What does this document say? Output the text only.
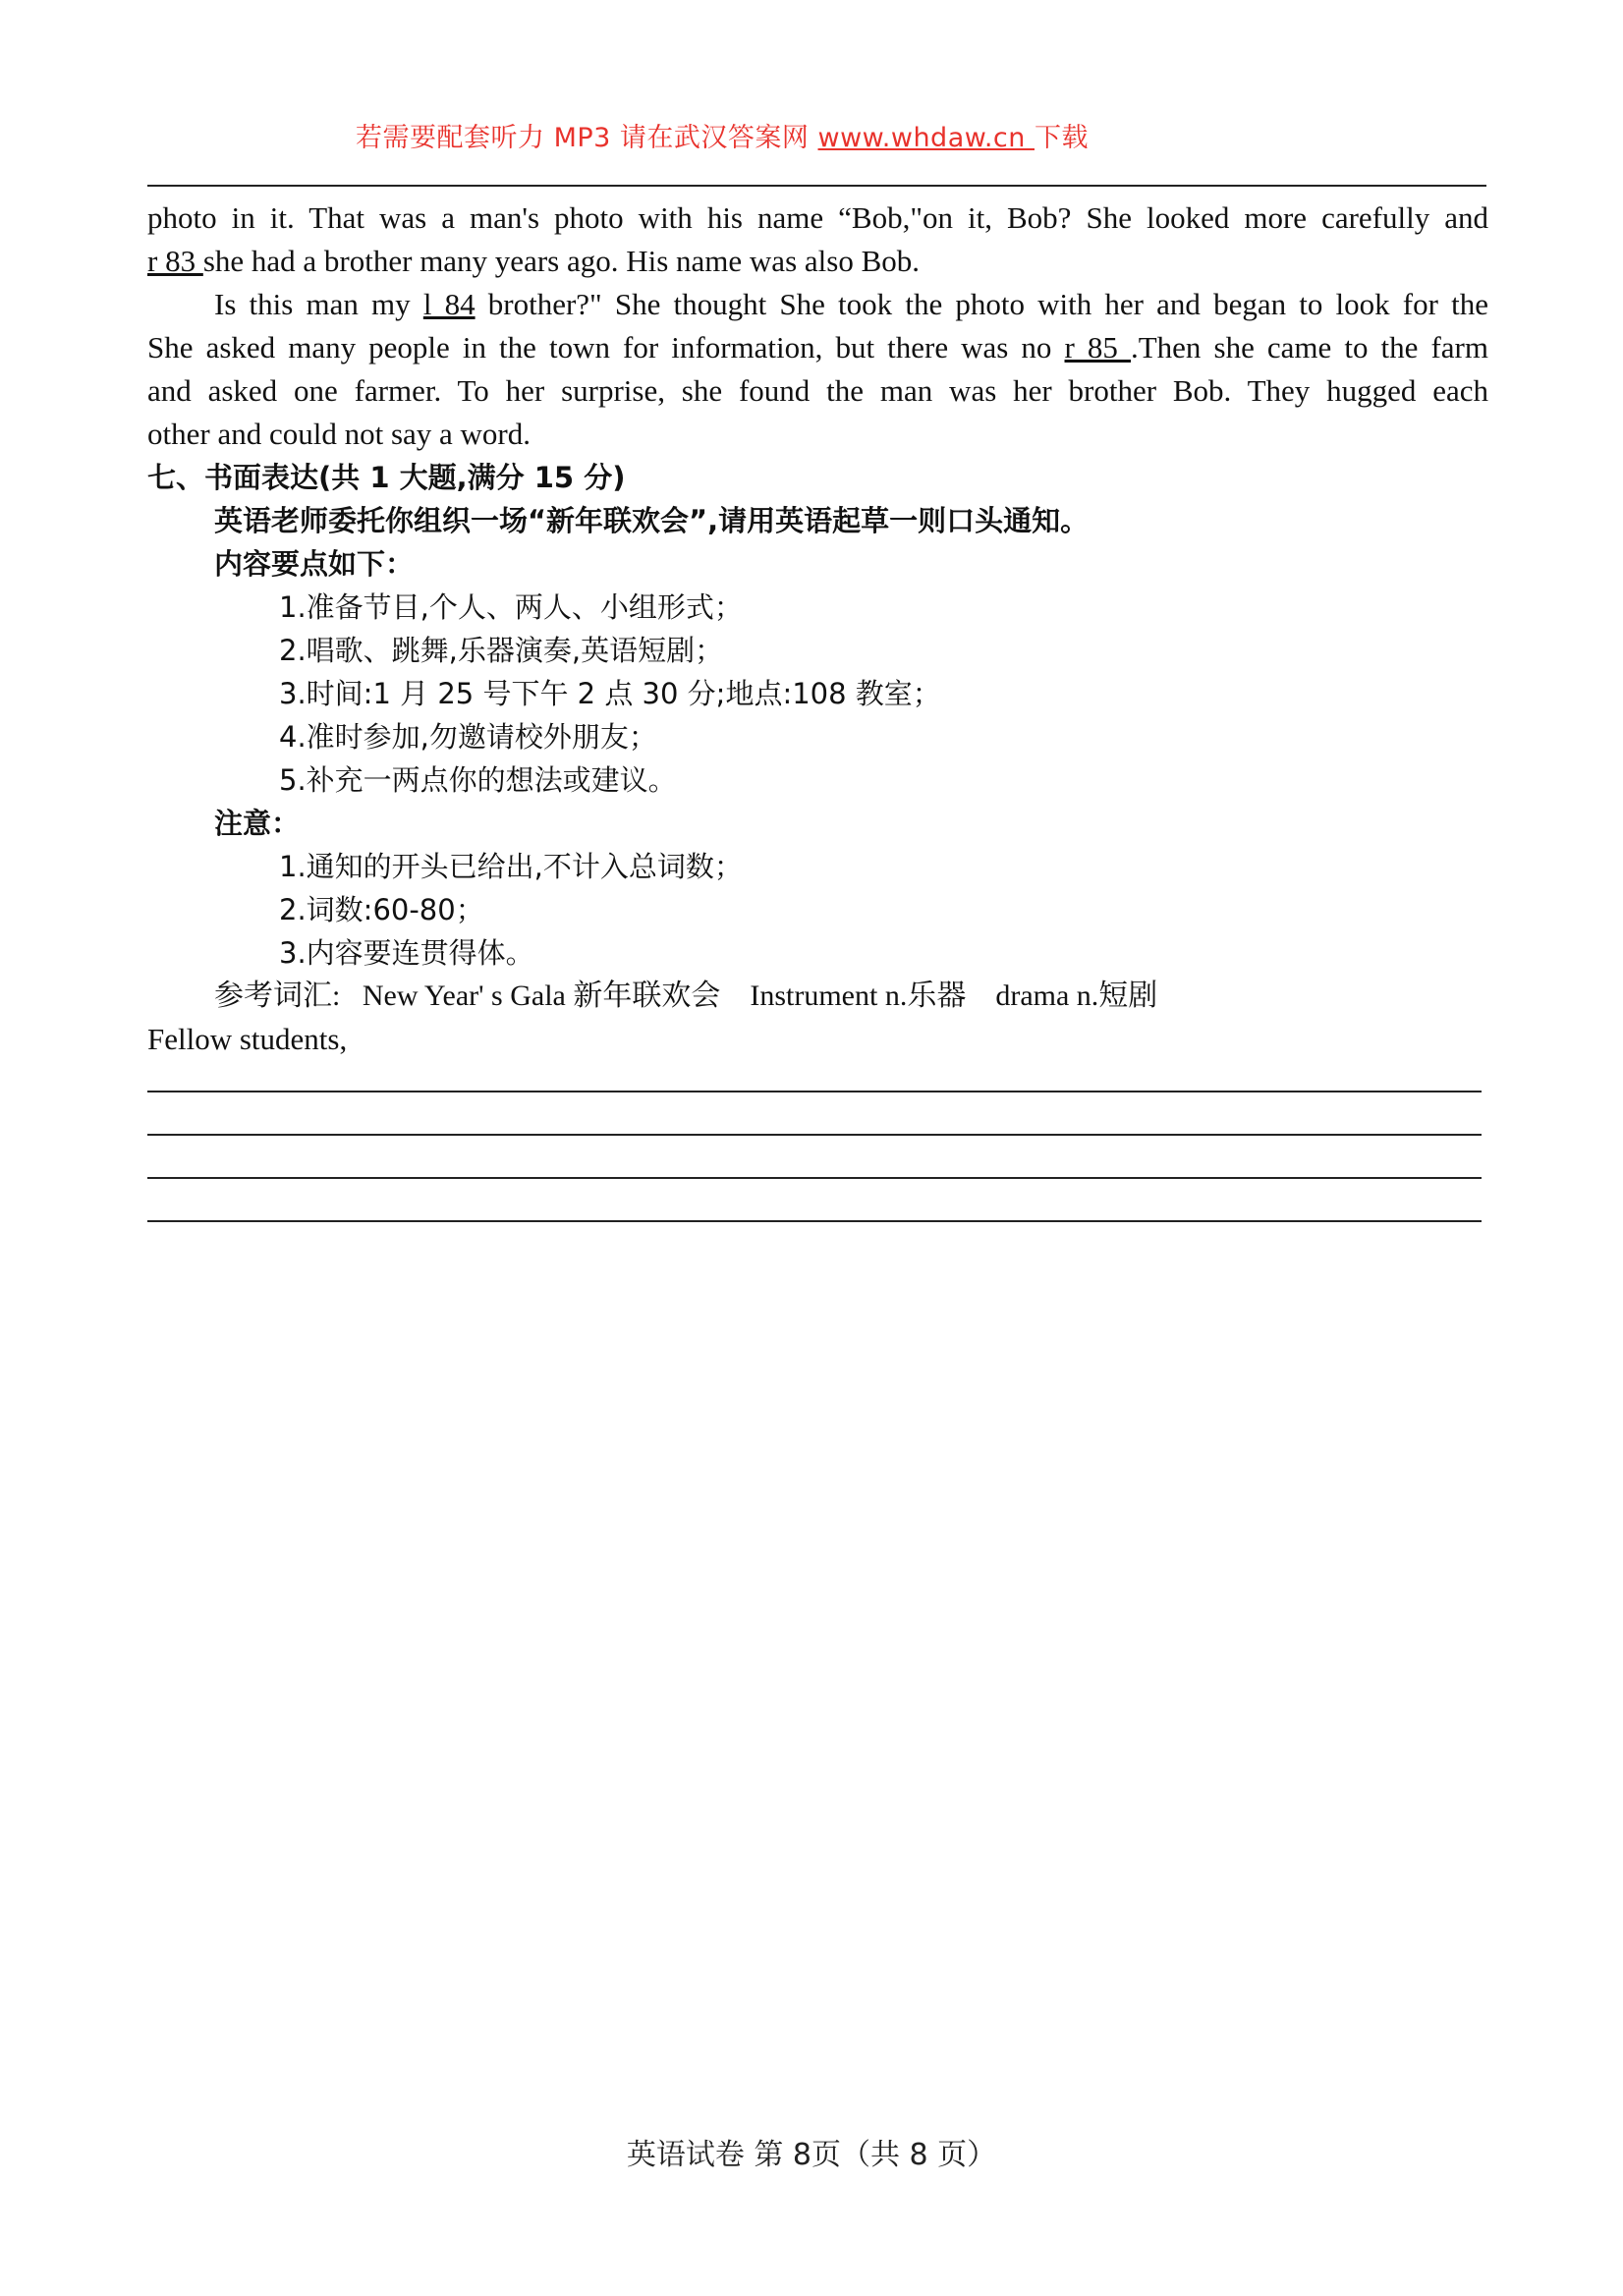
若需要配套听力 MP3 请在武汉答案网 www.whdaw.cn 下载

photo in it. That was a man's photo with his name “Bob,"on it, Bob? She looked more carefully and

r 83 she had a brother many years ago. His name was also Bob.

Is this man my l 84 brother?" She thought She took the photo with her and began to look for the

She asked many people in the town for information, but there was no r 85 .Then she came to the farm

and asked one farmer. To her surprise, she found the man was her brother Bob. They hugged each

other and could not say a word.

七、书面表达(共 1 大题,满分 15 分)
英语老师委托你组织一场“新年联欢会”,请用英语起草一则口头通知。
内容要点如下：
1.准备节目,个人、两人、小组形式；
2.唱歌、跳舞,乐器演奏,英语短剧；
3.时间:1 月 25 号下午 2 点 30 分;地点:108 教室；
4.准时参加,勿邀请校外朋友；
5.补充一两点你的想法或建议。
注意：
1.通知的开头已给出,不计入总词数；
2.词数:60-80；
3.内容要连贯得体。
参考词汇:   New Year' s Gala 新年联欢会    Instrument n.乐器    drama n.短剧
Fellow students,
英语试卷 第 8页（共 8 页）
